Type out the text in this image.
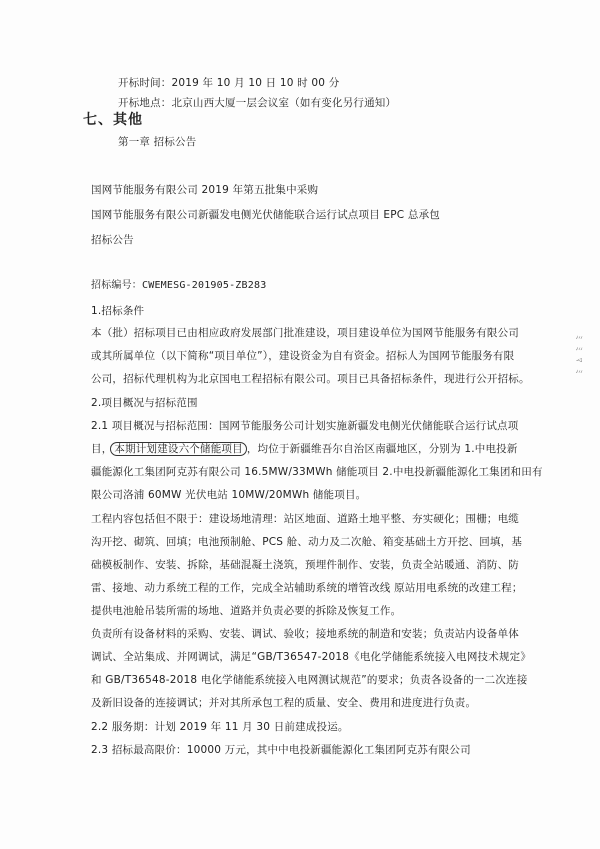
开标时间：2019 年 10 月 10 日 10 时 00 分
开标地点：北京山西大厦一层会议室（如有变化另行通知）
七、其他
第一章 招标公告
国网节能服务有限公司 2019 年第五批集中采购
国网节能服务有限公司新疆发电侧光伏储能联合运行试点项目 EPC 总承包
招标公告
招标编号：CWEMESG-201905-ZB283
1.招标条件
本（批）招标项目已由相应政府发展部门批准建设，项目建设单位为国网节能服务有限公司
或其所属单位（以下简称“项目单位”），建设资金为自有资金。招标人为国网节能服务有限
公司，招标代理机构为北京国电工程招标有限公司。项目已具备招标条件，现进行公开招标。
2.项目概况与招标范围
2.1 项目概况与招标范围：国网节能服务公司计划实施新疆发电侧光伏储能联合运行试点项
目， 本期计划建设六个储能项目 ，均位于新疆维吾尔自治区南疆地区，分别为 1.中电投新
疆能源化工集团阿克苏有限公司 16.5MW/33MWh 储能项目 2.中电投新疆能源化工集团和田有
限公司洛浦 60MW 光伏电站 10MW/20MWh 储能项目。
工程内容包括但不限于：建设场地清理：站区地面、道路土地平整、夯实硬化；围栅；电缆
沟开挖、砌筑、回填；电池预制舱、PCS 舱、动力及二次舱、箱变基础土方开挖、回填，基
础模板制作、安装、拆除，基础混凝土浇筑，预埋件制作、安装，负责全站暖通、消防、防
雷、接地、动力系统工程的工作，完成全站辅助系统的增管改线 原站用电系统的改建工程；
提供电池舱吊装所需的场地、道路并负责必要的拆除及恢复工作。
负责所有设备材料的采购、安装、调试、验收；接地系统的制造和安装；负责站内设备单体
调试、全站集成、并网调试，满足“GB/T36547-2018《电化学储能系统接入电网技术规定》
和 GB/T36548-2018 电化学储能系统接入电网测试规范”的要求；负责各设备的一二次连接
及新旧设备的连接调试；并对其所承包工程的质量、安全、费用和进度进行负责。
2.2 服务期：计划 2019 年 11 月 30 日前建成投运。
2.3 招标最高限价：10000 万元，其中中电投新疆能源化工集团阿克苏有限公司
ﾐ ﾐ ﾏ ﾐ
